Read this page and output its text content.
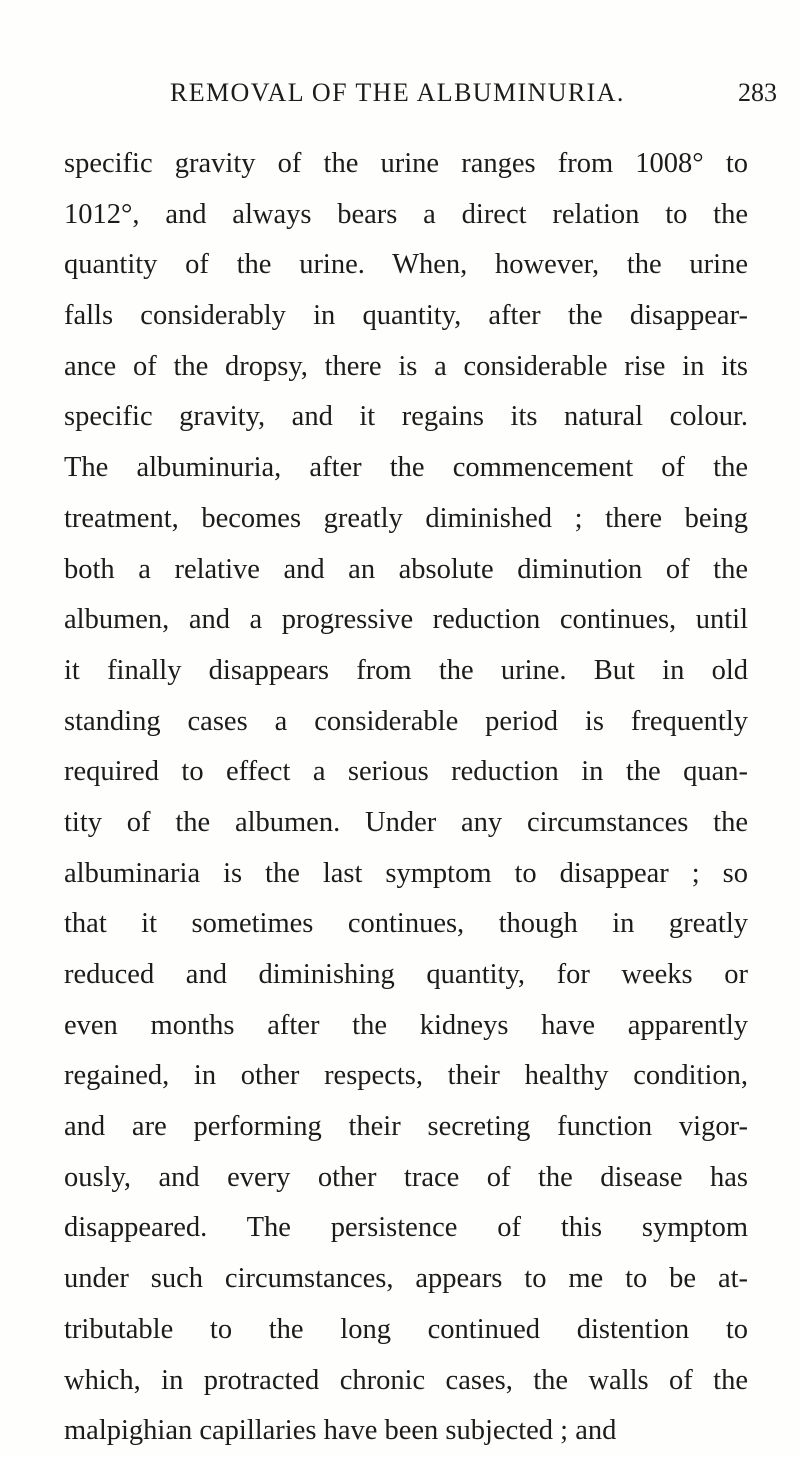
REMOVAL OF THE ALBUMINURIA.	283
specific gravity of the urine ranges from 1008° to
1012°, and always bears a direct relation to the
quantity of the urine. When, however, the urine
falls considerably in quantity, after the disappear-
ance of the dropsy, there is a considerable rise in its
specific gravity, and it regains its natural colour.
The albuminuria, after the commencement of the
treatment, becomes greatly diminished ; there being
both a relative and an absolute diminution of the
albumen, and a progressive reduction continues, until
it finally disappears from the urine. But in old
standing cases a considerable period is frequently
required to effect a serious reduction in the quan-
tity of the albumen. Under any circumstances the
albuminaria is the last symptom to disappear ; so
that it sometimes continues, though in greatly
reduced and diminishing quantity, for weeks or
even months after the kidneys have apparently
regained, in other respects, their healthy condition,
and are performing their secreting function vigor-
ously, and every other trace of the disease has
disappeared. The persistence of this symptom
under such circumstances, appears to me to be at-
tributable to the long continued distention to
which, in protracted chronic cases, the walls of the
malpighian capillaries have been subjected ; and
